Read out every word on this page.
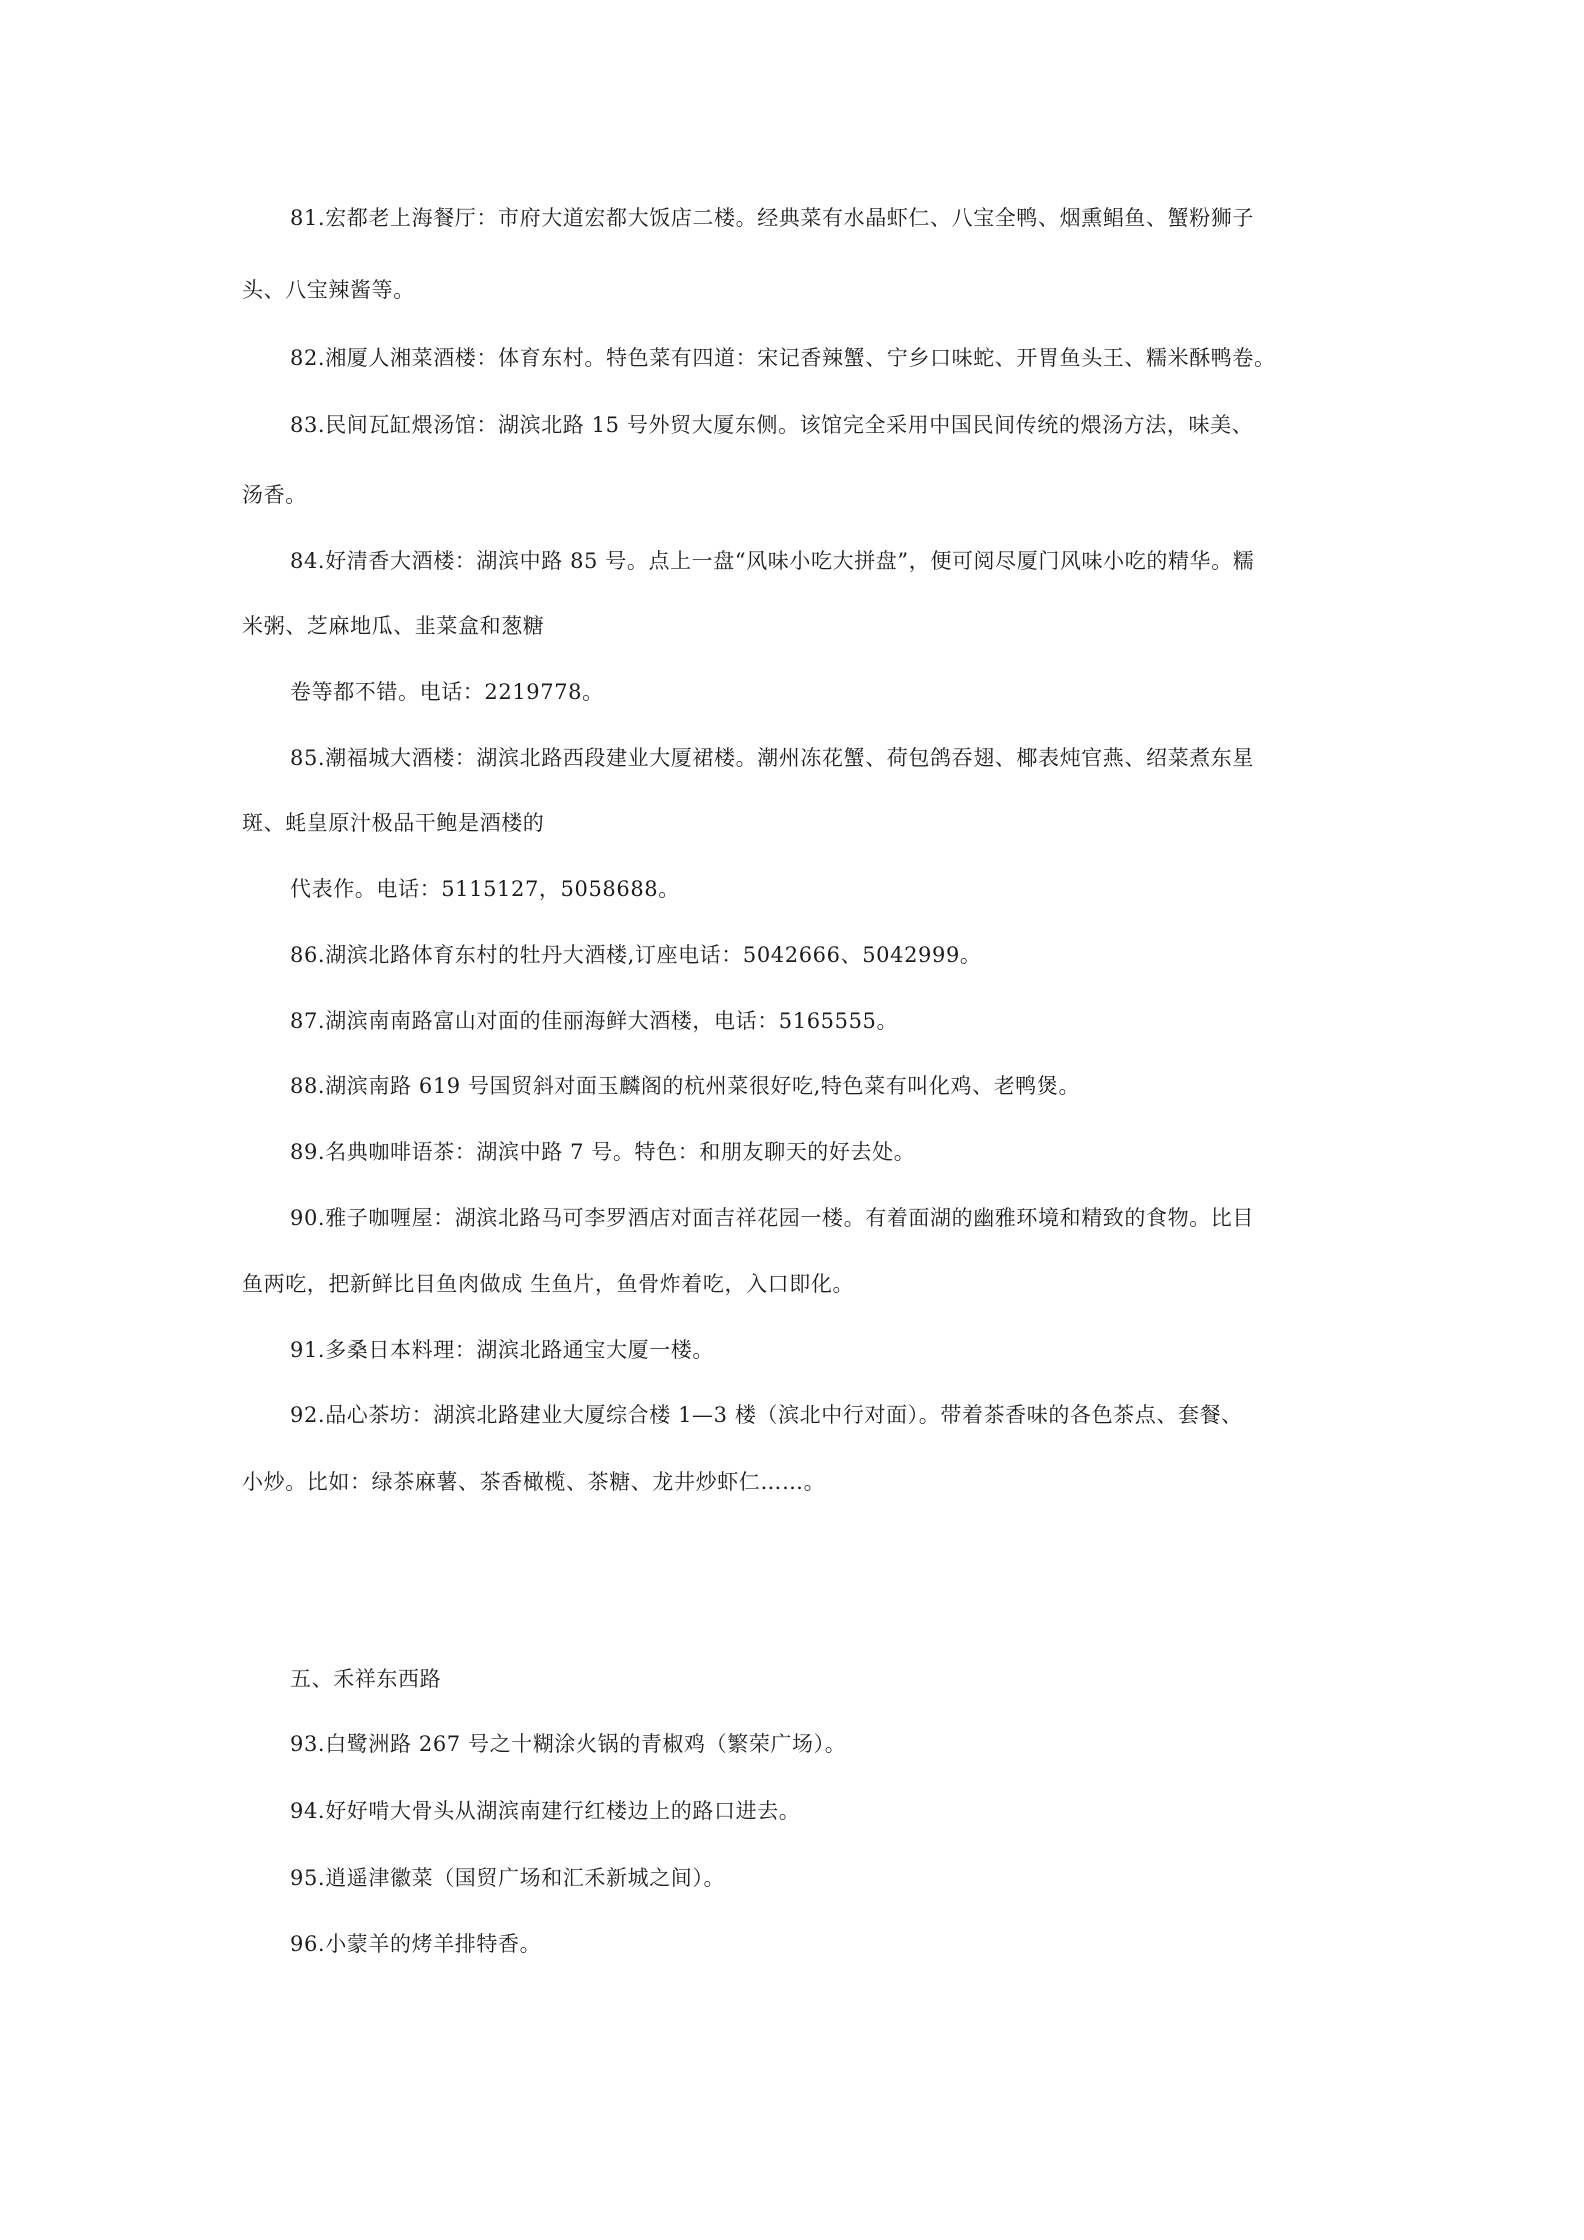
81.宏都老上海餐厅：市府大道宏都大饭店二楼。经典菜有水晶虾仁、八宝全鸭、烟熏鲳鱼、蟹粉狮子

头、八宝辣酱等。

82.湘厦人湘菜酒楼：体育东村。特色菜有四道：宋记香辣蟹、宁乡口味蛇、开胃鱼头王、糯米酥鸭卷。

83.民间瓦缸煨汤馆：湖滨北路 15 号外贸大厦东侧。该馆完全采用中国民间传统的煨汤方法，味美、

汤香。

84.好清香大酒楼：湖滨中路 85 号。点上一盘“风味小吃大拼盘”，便可阅尽厦门风味小吃的精华。糯

米粥、芝麻地瓜、韭菜盒和葱糖

卷等都不错。电话：2219778。

85.潮福城大酒楼：湖滨北路西段建业大厦裙楼。潮州冻花蟹、荷包鸽吞翅、椰表炖官燕、绍菜煮东星

斑、蚝皇原汁极品干鲍是酒楼的

代表作。电话：5115127，5058688。

86.湖滨北路体育东村的牡丹大酒楼,订座电话：5042666、5042999。

87.湖滨南南路富山对面的佳丽海鲜大酒楼，电话：5165555。

88.湖滨南路 619 号国贸斜对面玉麟阁的杭州菜很好吃,特色菜有叫化鸡、老鸭煲。

89.名典咖啡语茶：湖滨中路 7 号。特色：和朋友聊天的好去处。

90.雅子咖喱屋：湖滨北路马可李罗酒店对面吉祥花园一楼。有着面湖的幽雅环境和精致的食物。比目

鱼两吃，把新鲜比目鱼肉做成 生鱼片，鱼骨炸着吃，入口即化。

91.多桑日本料理：湖滨北路通宝大厦一楼。

92.品心茶坊：湖滨北路建业大厦综合楼 1—3 楼（滨北中行对面）。带着茶香味的各色茶点、套餐、

小炒。比如：绿茶麻薯、茶香橄榄、茶糖、龙井炒虾仁……。

五、禾祥东西路

93.白鹭洲路 267 号之十糊涂火锅的青椒鸡（繁荣广场）。

94.好好啃大骨头从湖滨南建行红楼边上的路口进去。

95.逍遥津徽菜（国贸广场和汇禾新城之间）。

96.小蒙羊的烤羊排特香。
